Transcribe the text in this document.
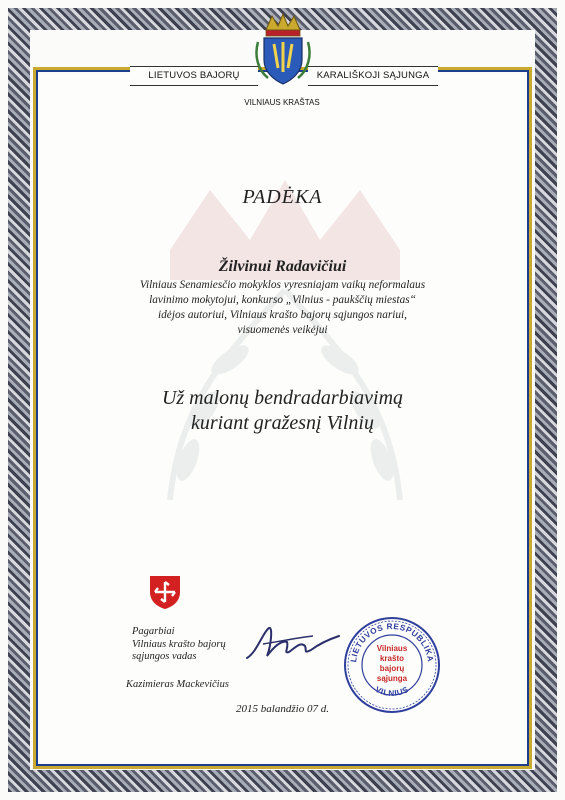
LIETUVOS BAJORŲ	KARALIŠKOJI SĄJUNGA
VILNIAUS KRAŠTAS
PADĖKA
Žilvinui Radavičiui
Vilniaus Senamiesčio mokyklos vyresniajam vaikų neformalaus
lavinimo mokytojui, konkurso „Vilnius - paukščių miestas“
idėjos autoriui, Vilniaus krašto bajorų sąjungos nariui,
visuomenės veikėjui
Už malonų bendradarbiavimą
kuriant gražesnį Vilnių
Pagarbiai
Vilniaus krašto bajorų
sąjungos vadas
Kazimieras Mackevičius
LIETUVOS RESPUBLIKA
VILNIUS
Vilniaus
krašto
bajorų
sąjunga
2015 balandžio 07 d.
